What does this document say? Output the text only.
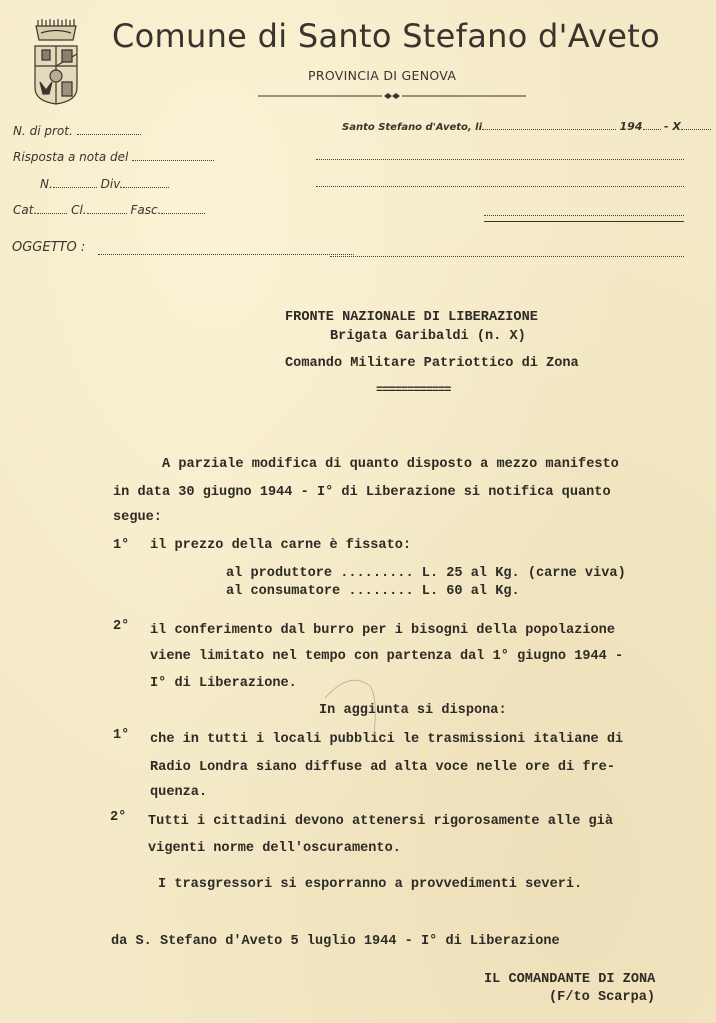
Comune di Santo Stefano d'Aveto
PROVINCIA DI GENOVA
N. di prot.
Risposta a nota del
N.	Div.
Cat.	Cl.	Fasc.
OGGETTO :
Santo Stefano d'Aveto, li	194 - X
FRONTE NAZIONALE DI LIBERAZIONE
Brigata Garibaldi (n. X)
Comando Militare Patriottico di Zona
============
A parziale modifica di quanto disposto a mezzo manifesto
in data 30 giugno 1944 - I° di Liberazione si notifica quanto
segue:
1° il prezzo della carne è fissato:
al produttore ......... L. 25 al Kg. (carne viva)
al consumatore ........ L. 60 al Kg.
2° il conferimento dal burro per i bisogni della popolazione
viene limitato nel tempo con partenza dal 1° giugno 1944 -
I° di Liberazione.
In aggiunta si dispona:
1° che in tutti i locali pubblici le trasmissioni italiane di
Radio Londra siano diffuse ad alta voce nelle ore di fre-
quenza.
2° Tutti i cittadini devono attenersi rigorosamente alle già
vigenti norme dell'oscuramento.
I trasgressori si esporranno a provvedimenti severi.
da S. Stefano d'Aveto 5 luglio 1944 - I° di Liberazione
IL COMANDANTE DI ZONA
(F/to Scarpa)
